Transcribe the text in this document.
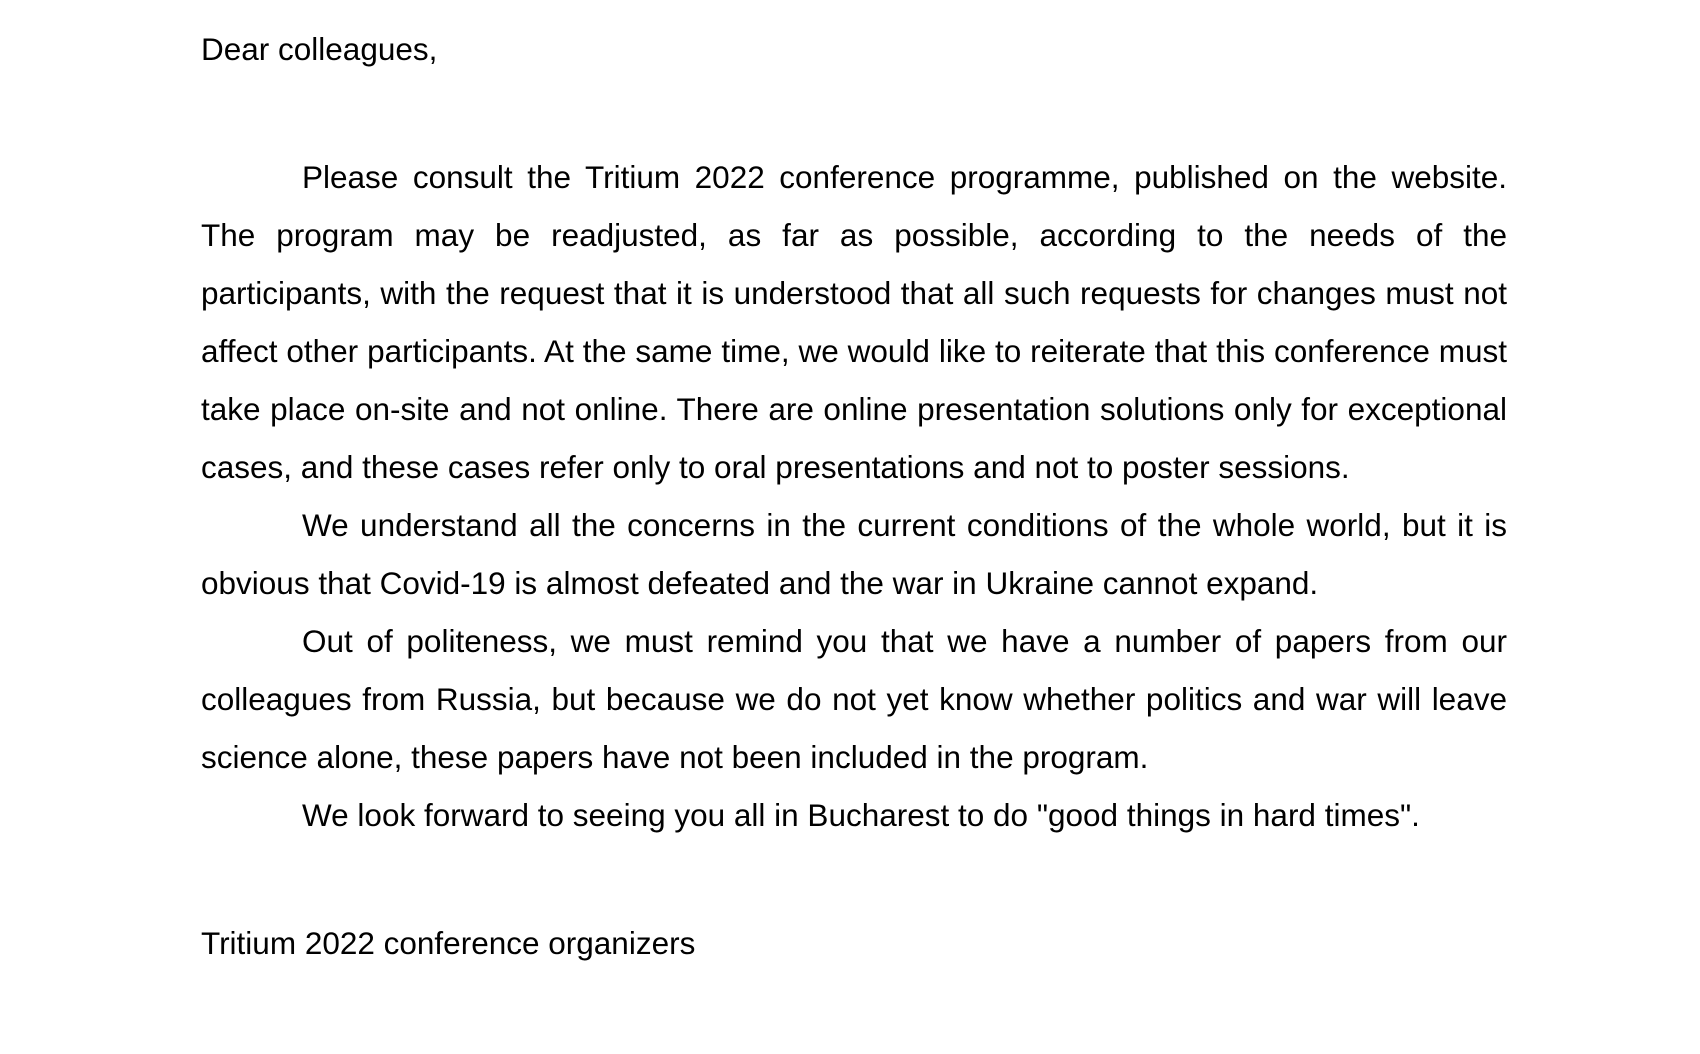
Dear colleagues,

Please consult the Tritium 2022 conference programme, published on the website. The program may be readjusted, as far as possible, according to the needs of the participants, with the request that it is understood that all such requests for changes must not affect other participants. At the same time, we would like to reiterate that this conference must take place on-site and not online. There are online presentation solutions only for exceptional cases, and these cases refer only to oral presentations and not to poster sessions.

We understand all the concerns in the current conditions of the whole world, but it is obvious that Covid-19 is almost defeated and the war in Ukraine cannot expand.

Out of politeness, we must remind you that we have a number of papers from our colleagues from Russia, but because we do not yet know whether politics and war will leave science alone, these papers have not been included in the program.

We look forward to seeing you all in Bucharest to do "good things in hard times".

Tritium 2022 conference organizers
